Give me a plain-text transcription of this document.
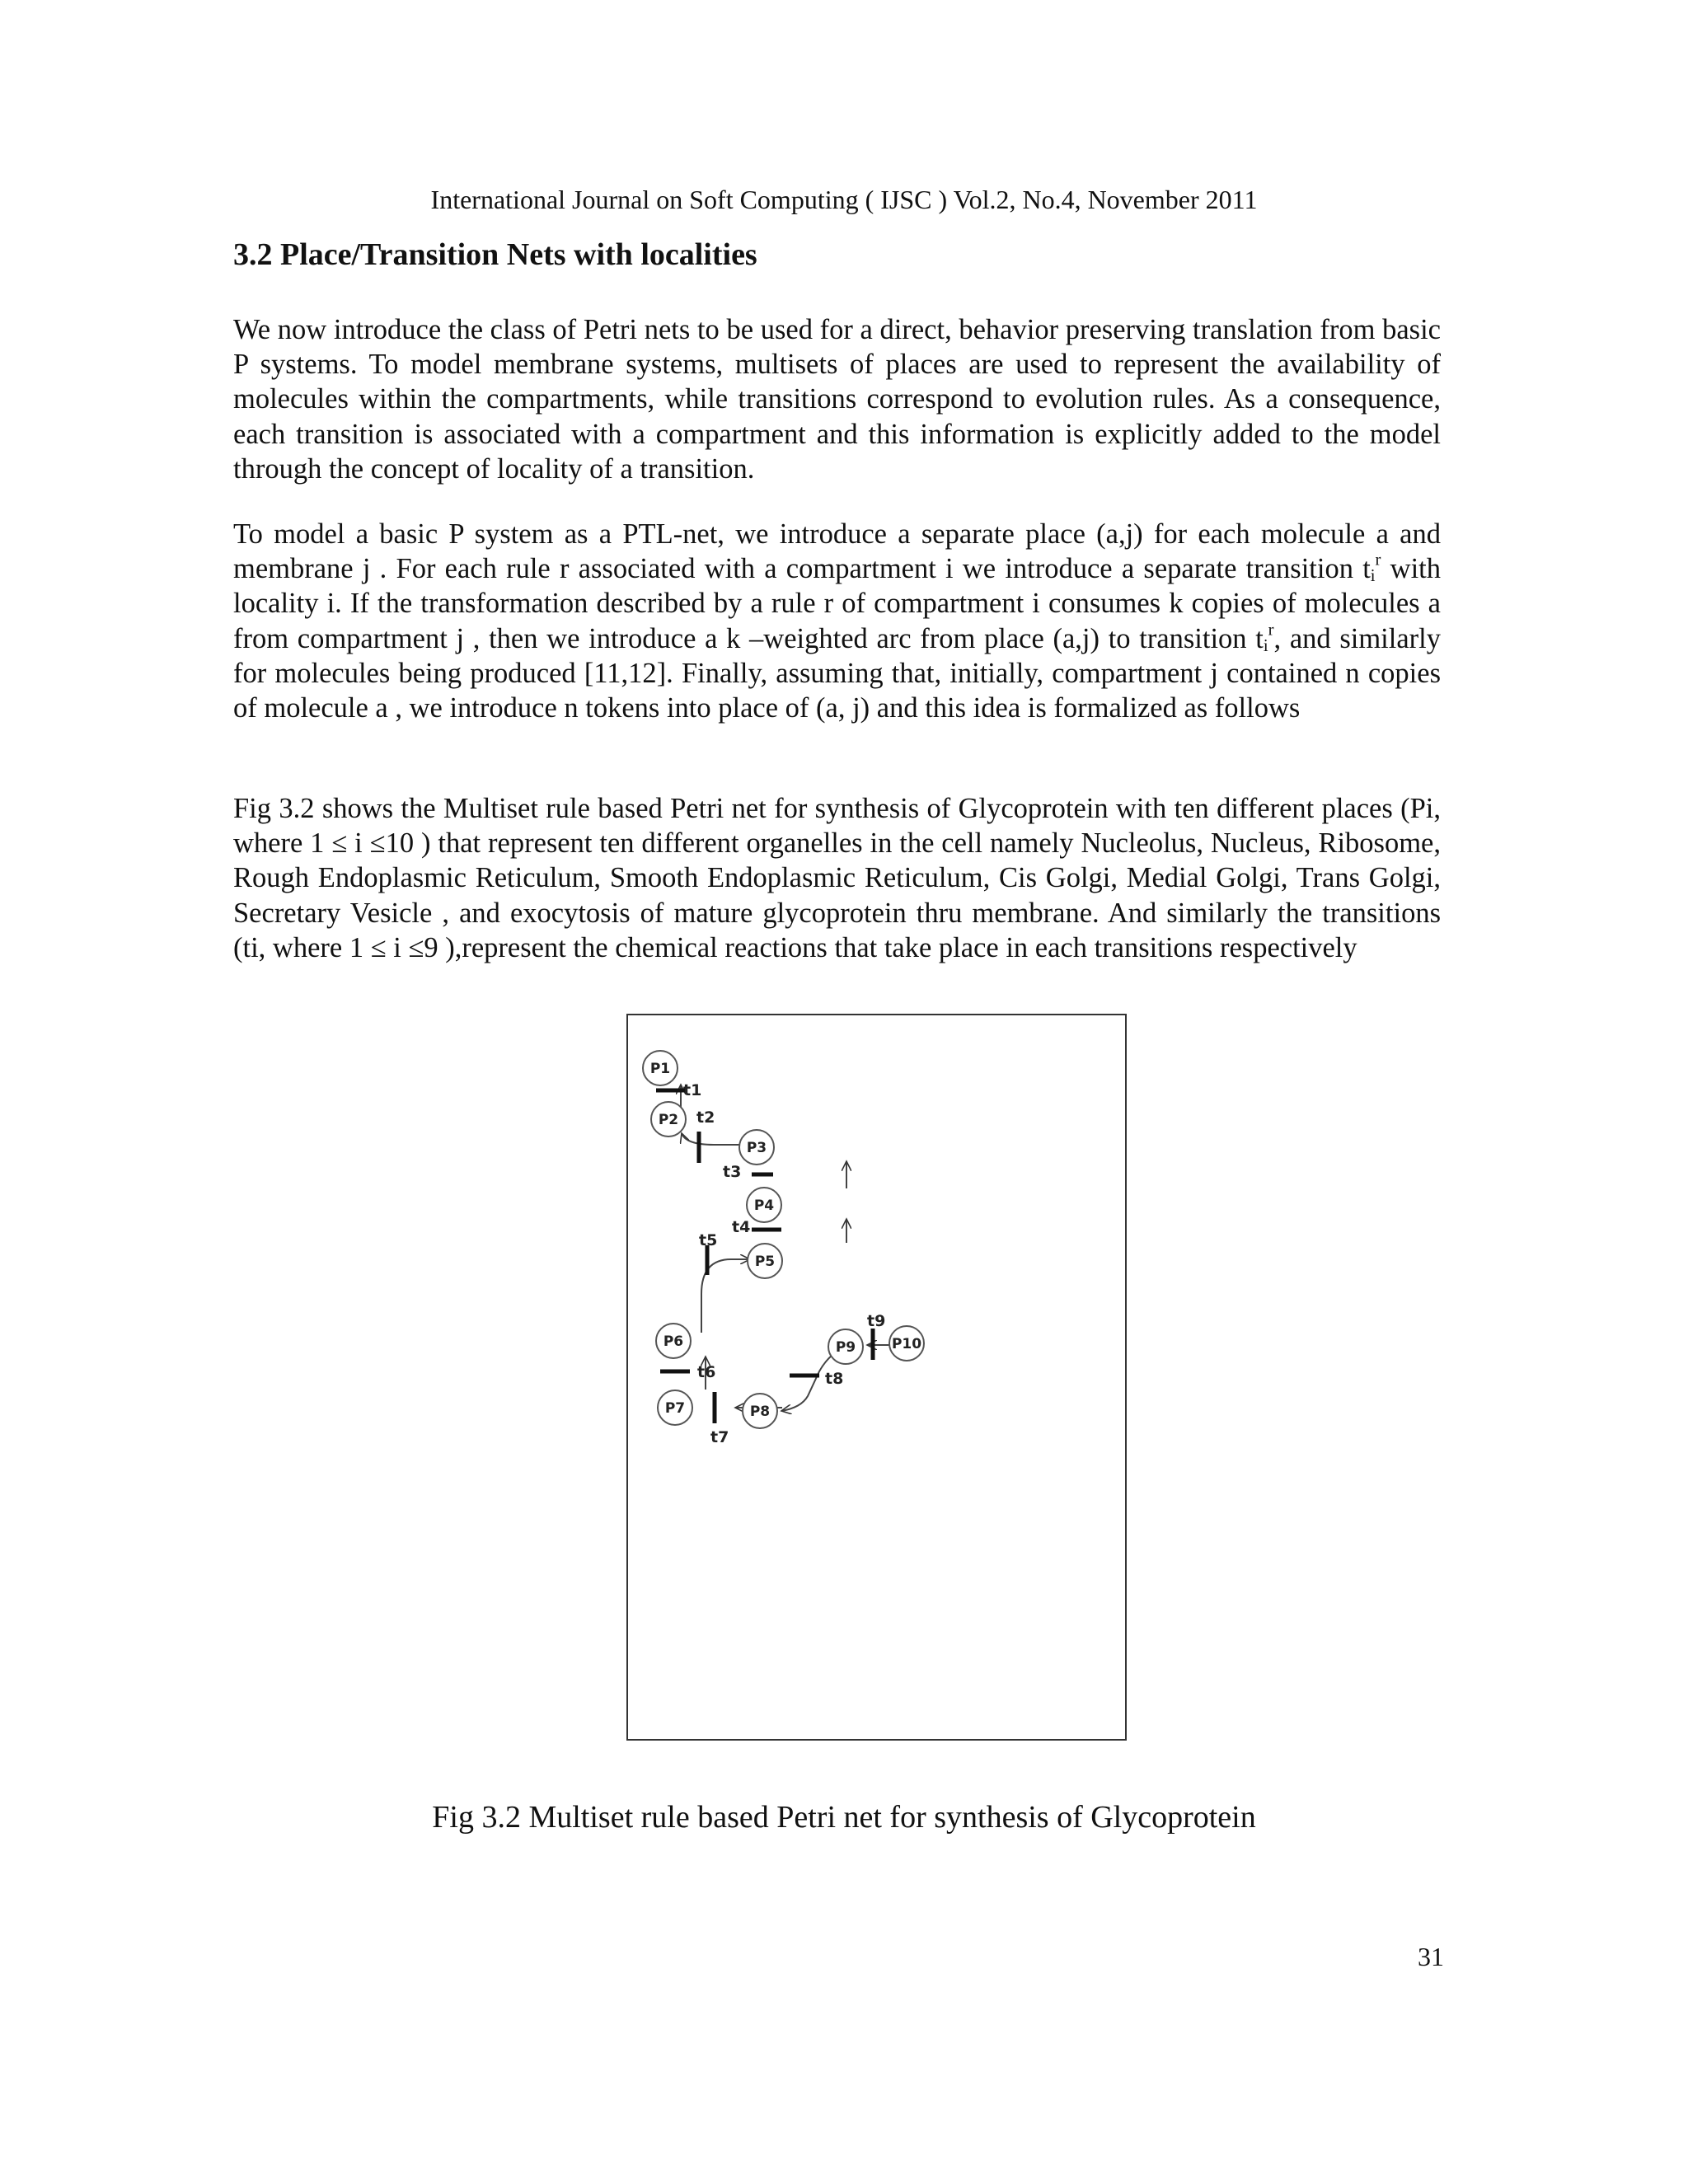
International Journal on Soft Computing ( IJSC ) Vol.2, No.4, November 2011
3.2 Place/Transition Nets with localities

We now introduce the class of Petri nets to be used for a direct, behavior preserving translation from basic P systems. To model membrane systems, multisets of places are used to represent the availability of molecules within the compartments, while transitions correspond to evolution rules. As a consequence, each transition is associated with a compartment and this information is explicitly added to the model through the concept of locality of a transition.

To model a basic P system as a PTL-net, we introduce a separate place (a,j) for each molecule a and membrane j . For each rule r associated with a compartment i we introduce a separate transition $t_i^r$ with locality i. If the transformation described by a rule r of compartment i consumes k copies of molecules a from compartment j , then we introduce a k –weighted arc from place (a,j) to transition $t_i^r$, and similarly for molecules being produced [11,12]. Finally, assuming that, initially, compartment j contained n copies of molecule a , we introduce n tokens into place of (a, j) and this idea is formalized as follows

Fig 3.2 shows the Multiset rule based Petri net for synthesis of Glycoprotein with ten different places (Pi, where 1 ≤ i ≤10 ) that represent ten different organelles in the cell namely Nucleolus, Nucleus, Ribosome, Rough Endoplasmic Reticulum, Smooth Endoplasmic Reticulum, Cis Golgi, Medial Golgi, Trans Golgi, Secretary Vesicle , and exocytosis of mature glycoprotein thru membrane. And similarly the transitions (ti, where 1 ≤ i ≤9 ),represent the chemical reactions that take place in each transitions respectively

P1
P2
P3
P4
P5
P6
P7	P8
P9	P10
t1
t2
t3
t4
t5
t6
t7
t8
t9
Fig 3.2 Multiset rule based Petri net for synthesis of Glycoprotein
31
